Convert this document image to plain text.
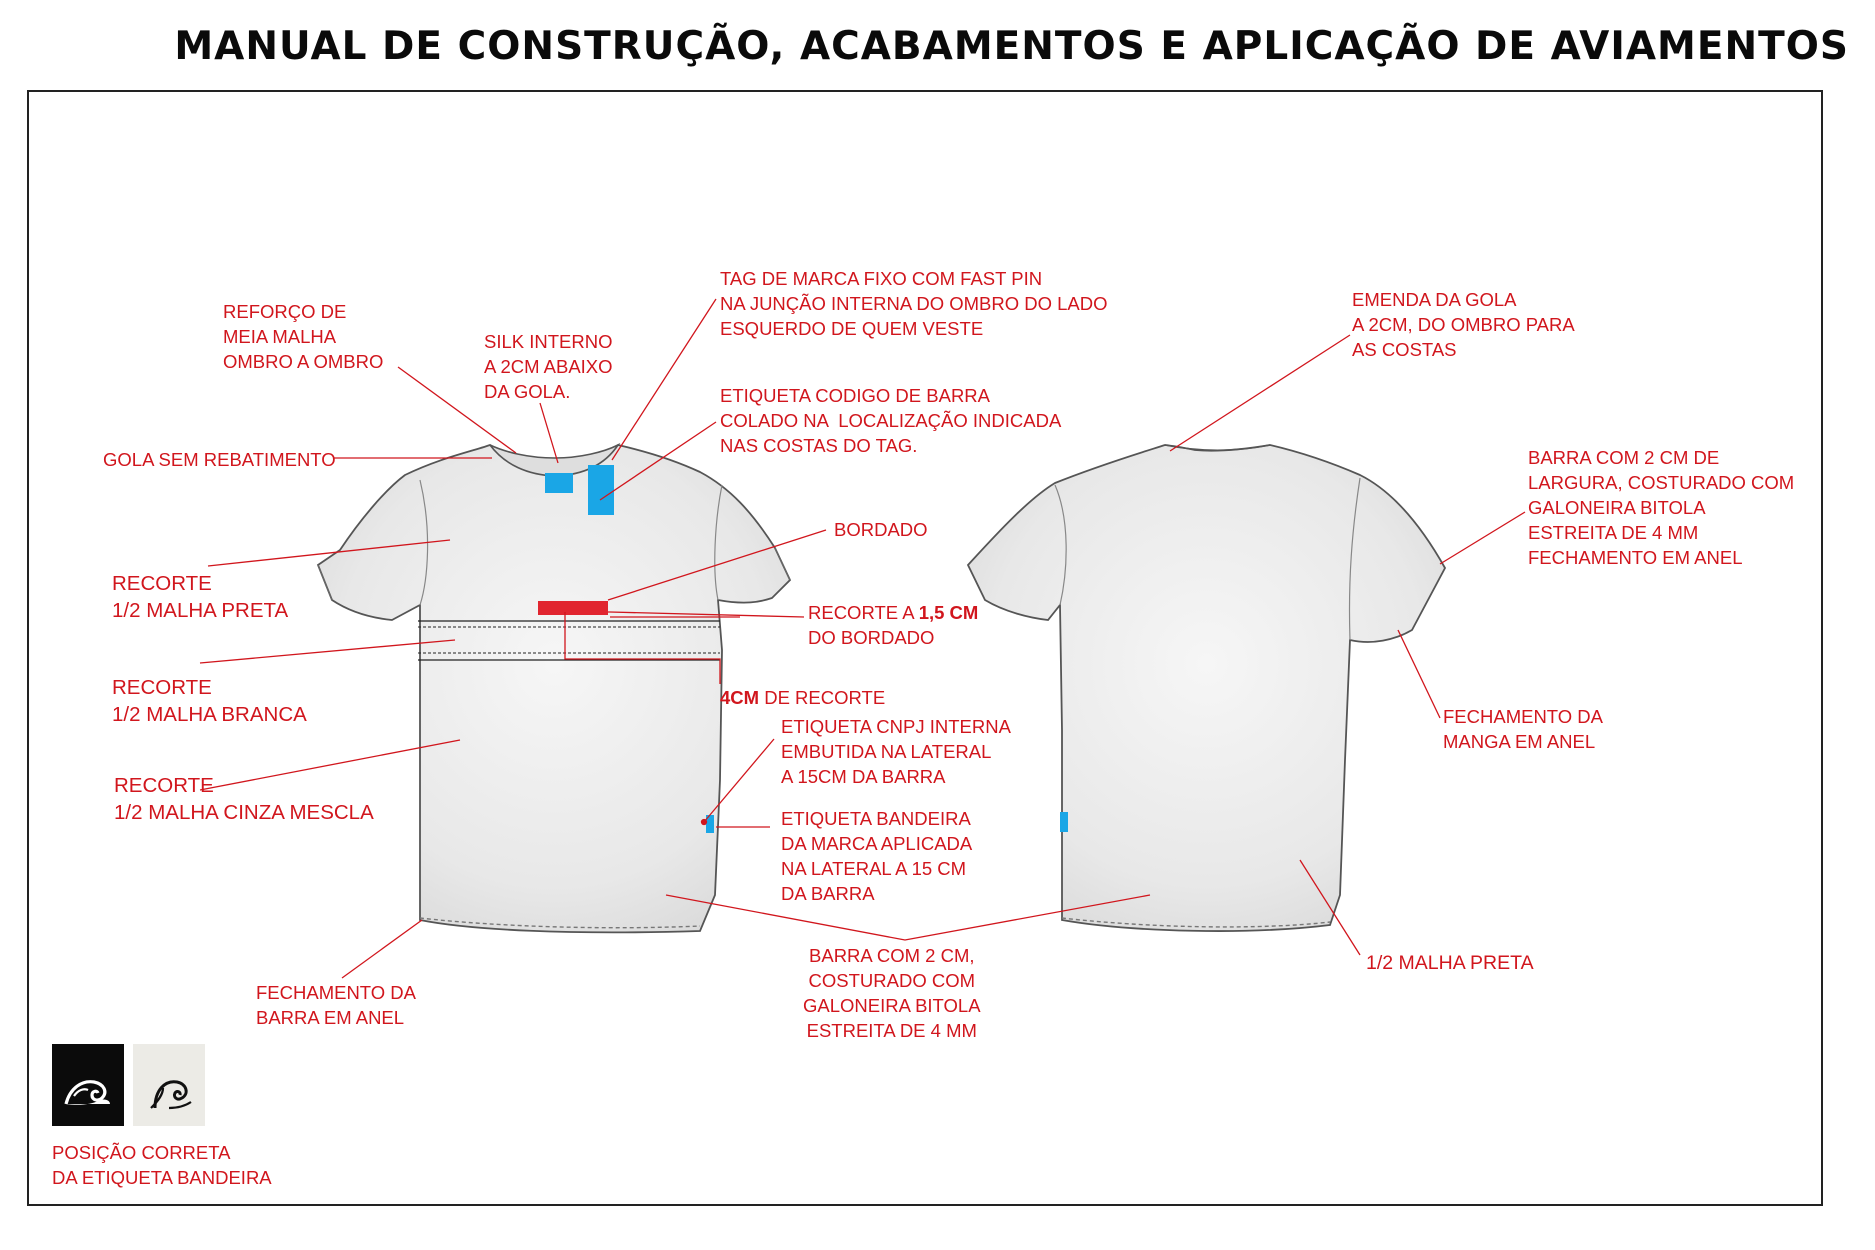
MANUAL DE CONSTRUÇÃO, ACABAMENTOS E APLICAÇÃO DE AVIAMENTOS
REFORÇO DE
MEIA MALHA
OMBRO A OMBRO
SILK INTERNO
A 2CM ABAIXO
DA GOLA.
TAG DE MARCA FIXO COM FAST PIN
NA JUNÇÃO INTERNA DO OMBRO DO LADO
ESQUERDO DE QUEM VESTE
ETIQUETA CODIGO DE BARRA
COLADO NA  LOCALIZAÇÃO INDICADA
NAS COSTAS DO TAG.
GOLA SEM REBATIMENTO
BORDADO
RECORTE
1/2 MALHA PRETA	RECORTE A 1,5 CM
DO BORDADO
RECORTE
1/2 MALHA BRANCA
4CM DE RECORTE
ETIQUETA CNPJ INTERNA
EMBUTIDA NA LATERAL
A 15CM DA BARRA
RECORTE
1/2 MALHA CINZA MESCLA	ETIQUETA BANDEIRA
DA MARCA APLICADA
NA LATERAL A 15 CM
DA BARRA
FECHAMENTO DA
BARRA EM ANEL
BARRA COM 2 CM,
COSTURADO COM
GALONEIRA BITOLA
ESTREITA DE 4 MM
EMENDA DA GOLA
A 2CM, DO OMBRO PARA
AS COSTAS
BARRA COM 2 CM DE
LARGURA, COSTURADO COM
GALONEIRA BITOLA
ESTREITA DE 4 MM
FECHAMENTO EM ANEL
FECHAMENTO DA
MANGA EM ANEL
1/2 MALHA PRETA
POSIÇÃO CORRETA
DA ETIQUETA BANDEIRA
